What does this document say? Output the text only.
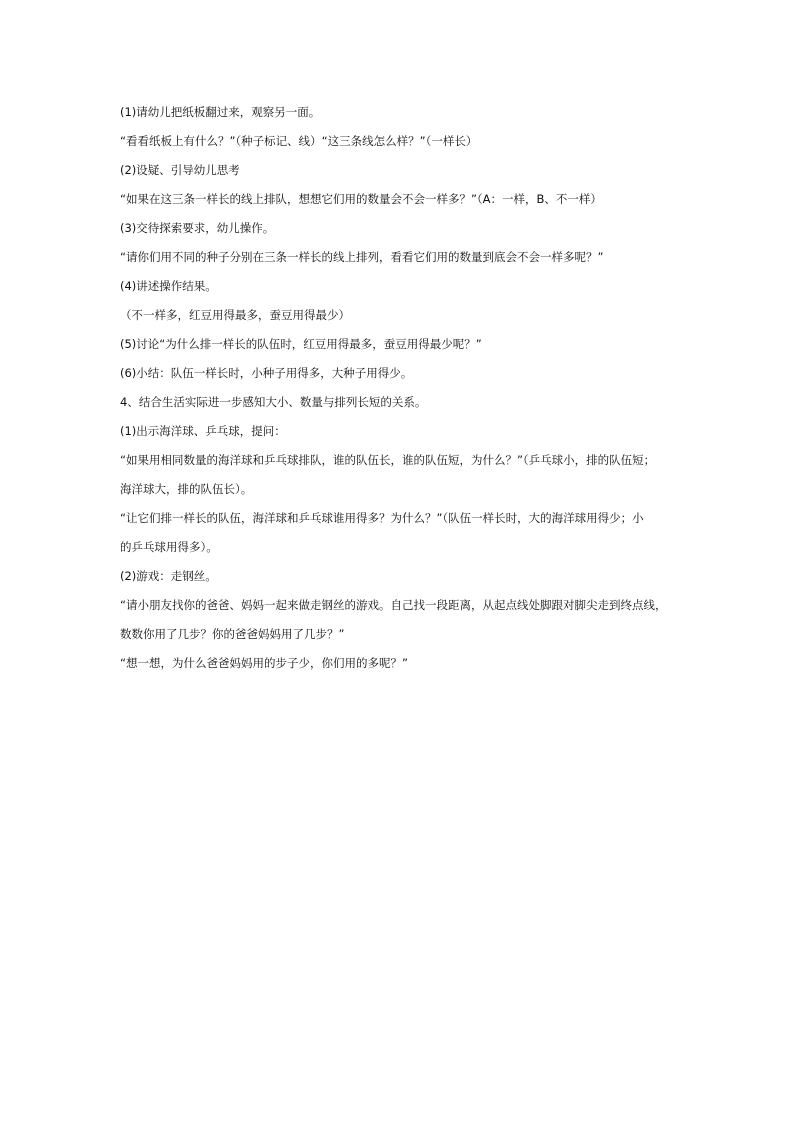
(1)请幼儿把纸板翻过来，观察另一面。
“看看纸板上有什么？”（种子标记、线）“这三条线怎么样？”（一样长）
(2)设疑、引导幼儿思考
“如果在这三条一样长的线上排队，想想它们用的数量会不会一样多？”（A：一样，B、不一样）
(3)交待探索要求，幼儿操作。
“请你们用不同的种子分别在三条一样长的线上排列，看看它们用的数量到底会不会一样多呢？”
(4)讲述操作结果。
（不一样多，红豆用得最多，蚕豆用得最少）
(5)讨论“为什么排一样长的队伍时，红豆用得最多，蚕豆用得最少呢？”
(6)小结：队伍一样长时，小种子用得多，大种子用得少。
4、结合生活实际进一步感知大小、数量与排列长短的关系。
(1)出示海洋球、乒乓球，提问：
“如果用相同数量的海洋球和乒乓球排队，谁的队伍长，谁的队伍短，为什么？”（乒乓球小，排的队伍短；
海洋球大，排的队伍长）。
“让它们排一样长的队伍，海洋球和乒乓球谁用得多？为什么？”（队伍一样长时，大的海洋球用得少；小
的乒乓球用得多）。
(2)游戏：走钢丝。
“请小朋友找你的爸爸、妈妈一起来做走钢丝的游戏。自己找一段距离，从起点线处脚跟对脚尖走到终点线，
数数你用了几步？你的爸爸妈妈用了几步？”
“想一想，为什么爸爸妈妈用的步子少，你们用的多呢？”
